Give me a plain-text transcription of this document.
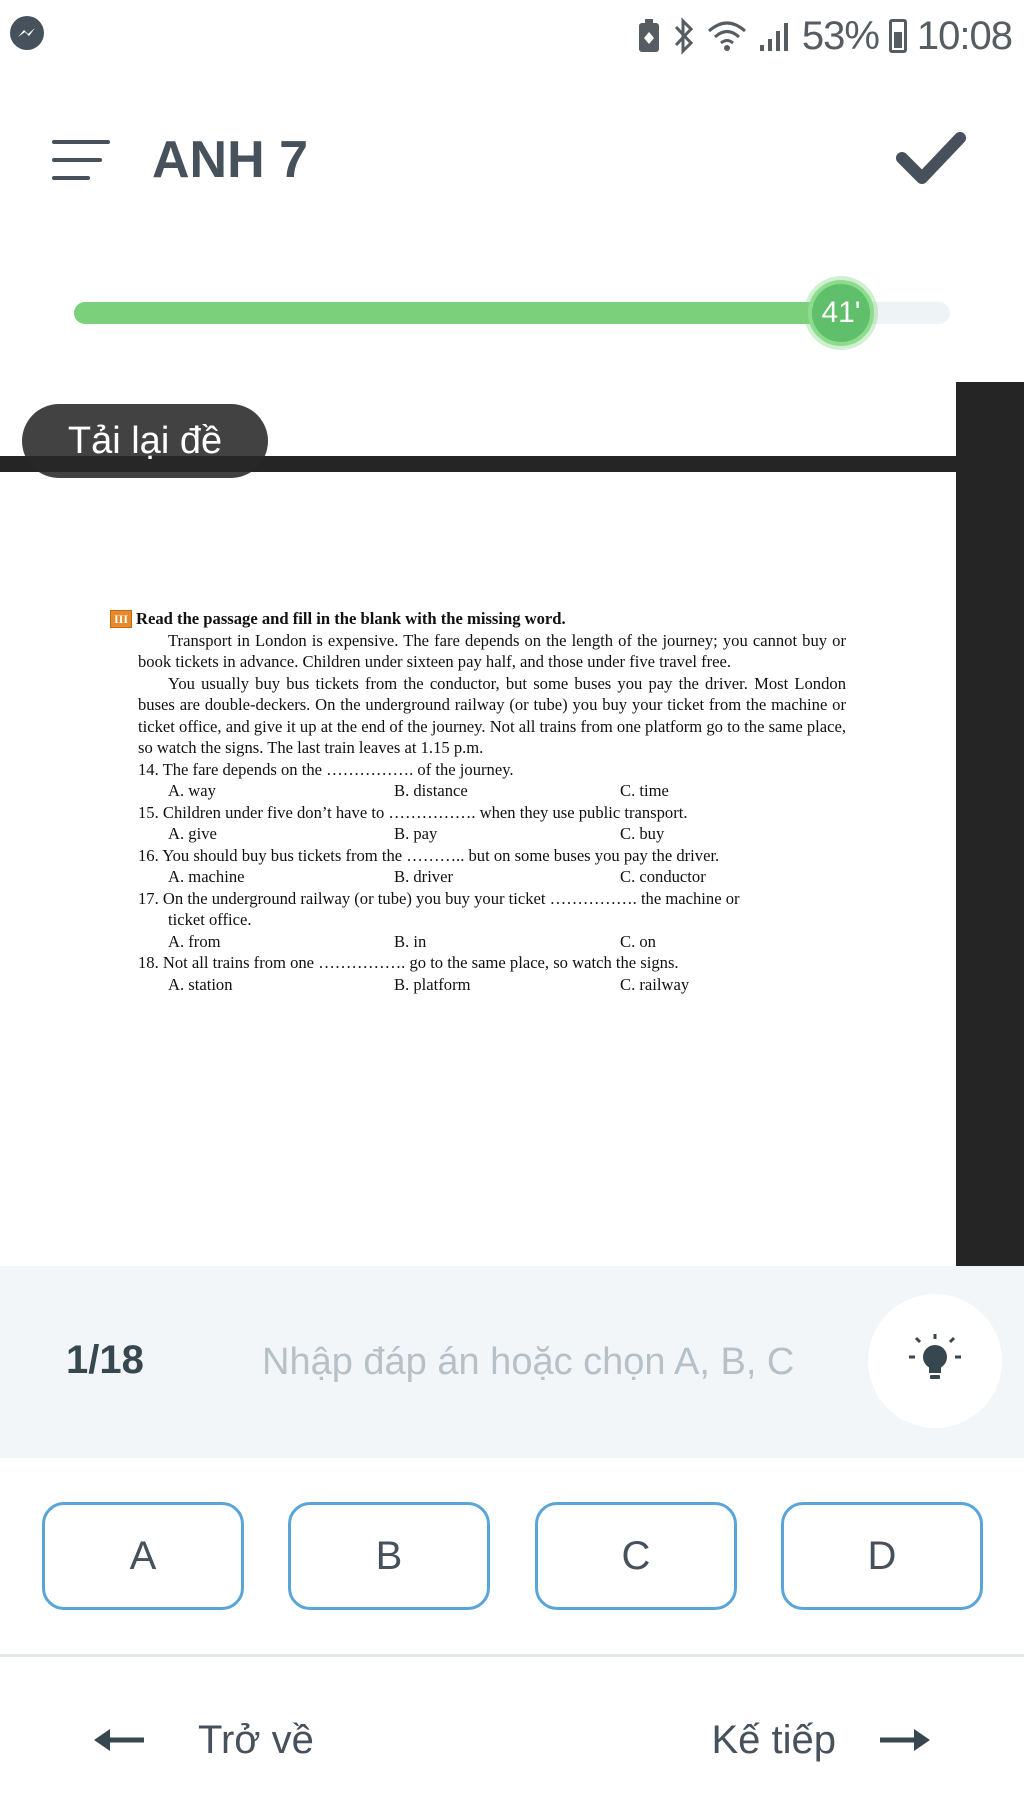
53% 10:08
ANH 7
41'
III Read the passage and fill in the blank with the missing word.

Transport in London is expensive. The fare depends on the length of the journey; you cannot buy or book tickets in advance. Children under sixteen pay half, and those under five travel free.

You usually buy bus tickets from the conductor, but some buses you pay the driver. Most London buses are double-deckers. On the underground railway (or tube) you buy your ticket from the machine or ticket office, and give it up at the end of the journey. Not all trains from one platform go to the same place, so watch the signs. The last train leaves at 1.15 p.m.

14. The fare depends on the ……………. of the journey.
A. way	B. distance	C. time
15. Children under five don’t have to ……………. when they use public transport.
A. give	B. pay	C. buy
16. You should buy bus tickets from the ……….. but on some buses you pay the driver.
A. machine	B. driver	C. conductor
17. On the underground railway (or tube) you buy your ticket ……………. the machine or
ticket office.
A. from	B. in	C. on
18. Not all trains from one ……………. go to the same place, so watch the signs.
A. station	B. platform	C. railway
Tải lại đề
1/18
Nhập đáp án hoặc chọn A, B, C
A	B	C	D
Trở về	Kế tiếp
